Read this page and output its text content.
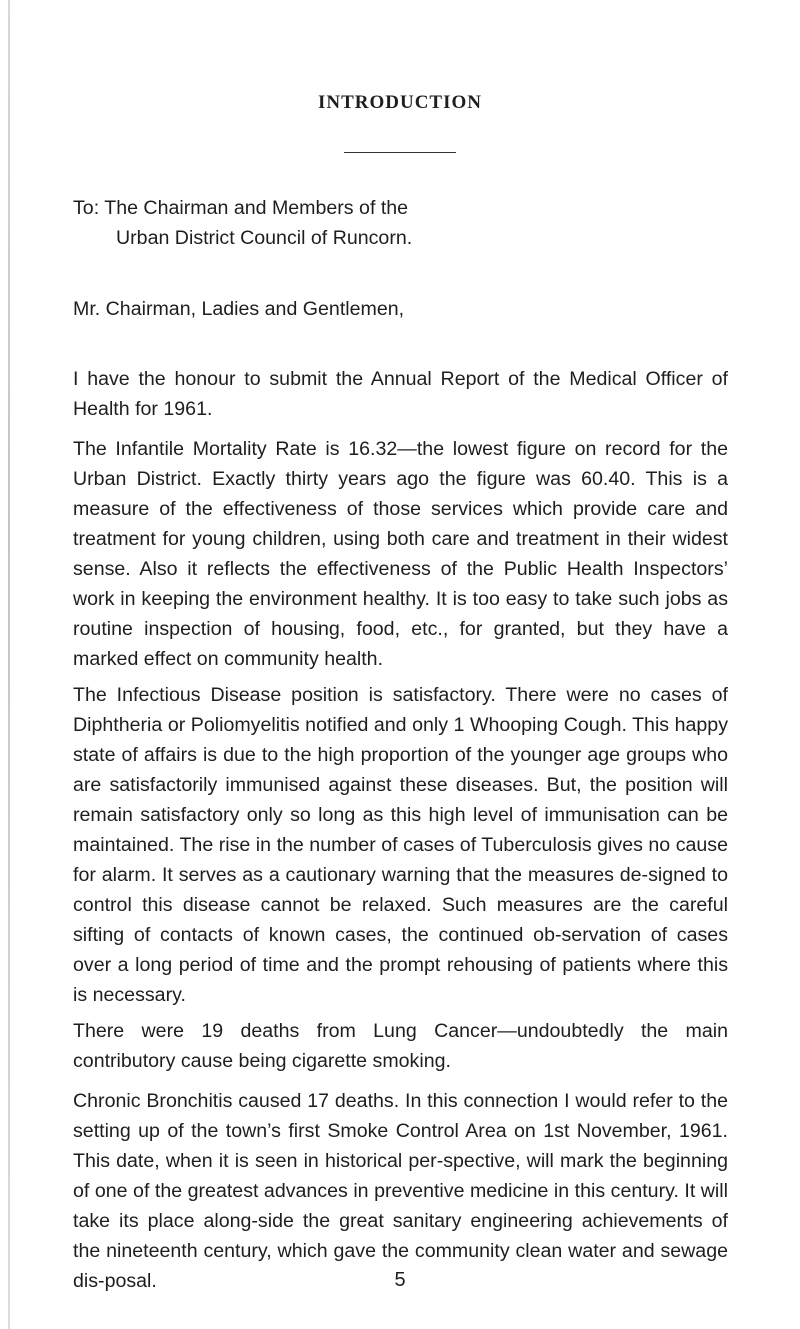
INTRODUCTION
To: The Chairman and Members of the
Urban District Council of Runcorn.
Mr. Chairman, Ladies and Gentlemen,

I have the honour to submit the Annual Report of the Medical Officer of Health for 1961.

The Infantile Mortality Rate is 16.32—the lowest figure on record for the Urban District. Exactly thirty years ago the figure was 60.40. This is a measure of the effectiveness of those services which provide care and treatment for young children, using both care and treatment in their widest sense. Also it reflects the effectiveness of the Public Health Inspectors’ work in keeping the environment healthy. It is too easy to take such jobs as routine inspection of housing, food, etc., for granted, but they have a marked effect on community health.

The Infectious Disease position is satisfactory. There were no cases of Diphtheria or Poliomyelitis notified and only 1 Whooping Cough. This happy state of affairs is due to the high proportion of the younger age groups who are satisfactorily immunised against these diseases. But, the position will remain satisfactory only so long as this high level of immunisation can be maintained. The rise in the number of cases of Tuberculosis gives no cause for alarm. It serves as a cautionary warning that the measures de-signed to control this disease cannot be relaxed. Such measures are the careful sifting of contacts of known cases, the continued ob-servation of cases over a long period of time and the prompt rehousing of patients where this is necessary.

There were 19 deaths from Lung Cancer—undoubtedly the main contributory cause being cigarette smoking.

Chronic Bronchitis caused 17 deaths. In this connection I would refer to the setting up of the town’s first Smoke Control Area on 1st November, 1961. This date, when it is seen in historical per-spective, will mark the beginning of one of the greatest advances in preventive medicine in this century. It will take its place along-side the great sanitary engineering achievements of the nineteenth century, which gave the community clean water and sewage dis-posal.	5
